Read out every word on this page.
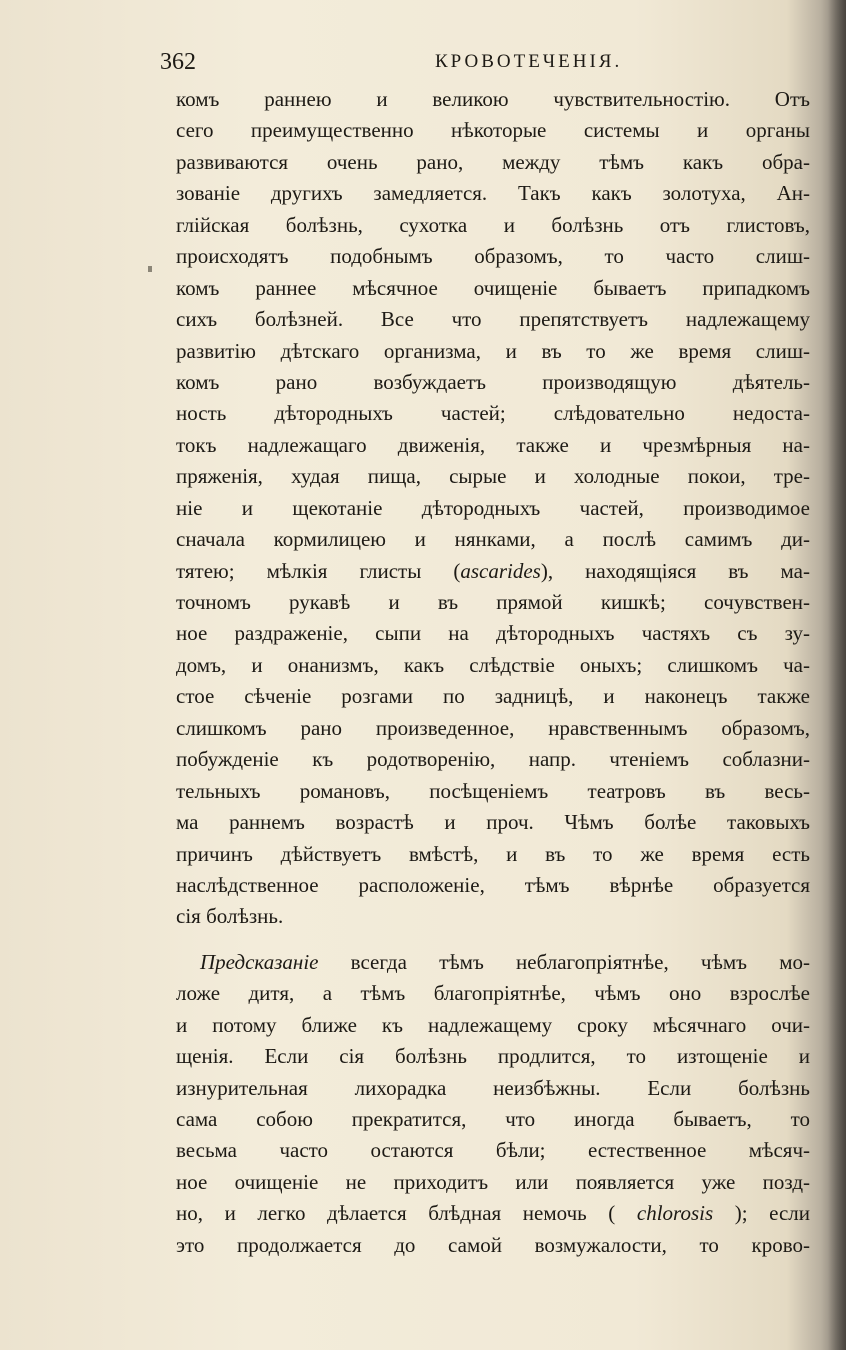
362	КРОВОТЕЧЕНІЯ.
комъ раннею и великою чувствительностію. Отъ
сего преимущественно нѣкоторые системы и органы
развиваются очень рано, между тѣмъ какъ обра-
зованіе другихъ замедляется. Такъ какъ золотуха, Ан-
глійская болѣзнь, сухотка и болѣзнь отъ глистовъ,
происходятъ подобнымъ образомъ, то часто слиш-
комъ раннее мѣсячное очищеніе бываетъ припадкомъ
сихъ болѣзней. Все что препятствуетъ надлежащему
развитію дѣтскаго организма, и въ то же время слиш-
комъ рано возбуждаетъ производящую дѣятель-
ность дѣтородныхъ частей; слѣдовательно недоста-
токъ надлежащаго движенія, также и чрезмѣрныя на-
пряженія, худая пища, сырые и холодные покои, тре-
ніе и щекотаніе дѣтородныхъ частей, производимое
сначала кормилицею и нянками, а послѣ самимъ ди-
тятею; мѣлкія глисты (ascarides), находящіяся въ ма-
точномъ рукавѣ и въ прямой кишкѣ; сочувствен-
ное раздраженіе, сыпи на дѣтородныхъ частяхъ съ зу-
домъ, и онанизмъ, какъ слѣдствіе оныхъ; слишкомъ ча-
стое сѣченіе розгами по задницѣ, и наконецъ также
слишкомъ рано произведенное, нравственнымъ образомъ,
побужденіе къ родотворенію, напр. чтеніемъ соблазни-
тельныхъ романовъ, посѣщеніемъ театровъ въ весь-
ма раннемъ возрастѣ и проч. Чѣмъ болѣе таковыхъ
причинъ дѣйствуетъ вмѣстѣ, и въ то же время есть
наслѣдственное расположеніе, тѣмъ вѣрнѣе образуется
сія болѣзнь.
Предсказаніе всегда тѣмъ неблагопріятнѣе, чѣмъ мо-
ложе дитя, а тѣмъ благопріятнѣе, чѣмъ оно взрослѣе
и потому ближе къ надлежащему сроку мѣсячнаго очи-
щенія. Если сія болѣзнь продлится, то изтощеніе и
изнурительная лихорадка неизбѣжны. Если болѣзнь
сама собою прекратится, что иногда бываетъ, то
весьма часто остаются бѣли; естественное мѣсяч-
ное очищеніе не приходитъ или появляется уже позд-
но, и легко дѣлается блѣдная немочь ( chlorosis ); если
это продолжается до самой возмужалости, то крово-
